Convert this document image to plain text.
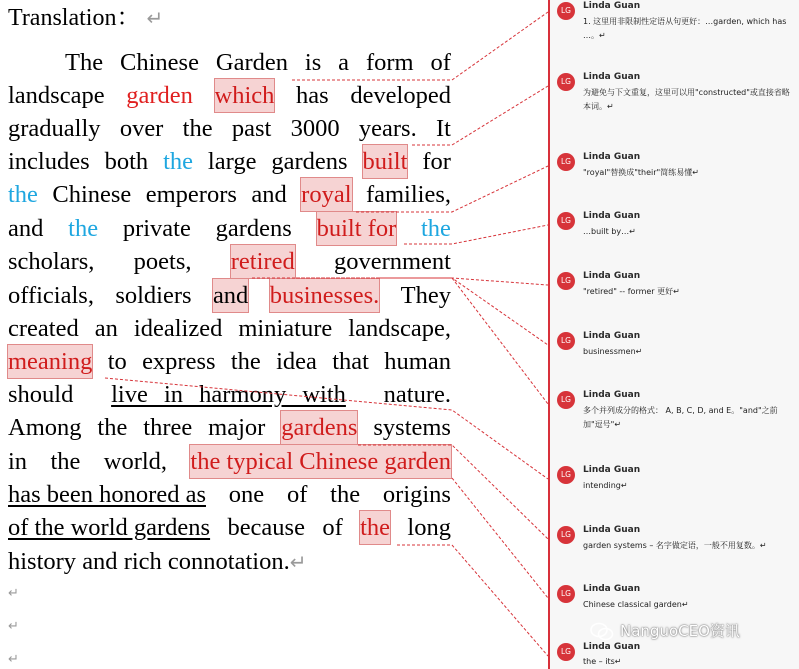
Translation： ↵
The Chinese Garden is a form of
landscape garden which has developed
gradually over the past 3000 years. It
includes both the large gardens built for
the Chinese emperors and royal families,
and the private gardens built for the
scholars, poets, retired government
officials, soldiers and businesses. They
created an idealized miniature landscape,
meaning to express the idea that human
should live in harmony with nature.
Among the three major gardens systems
in the world, the typical Chinese garden
has been honored as one of the origins
of the world gardens because of the long
history and rich connotation.↵
↵
↵
↵
LG	Linda Guan
1. 这里用非限制性定语从句更好：…garden, which has …。↵
LG	Linda Guan
为避免与下文重复，这里可以用"constructed"或直接省略本词。↵
LG	Linda Guan
"royal"替换成"their"简练易懂↵
LG	Linda Guan
…built by…↵
LG	Linda Guan
"retired" -- former 更好↵
LG	Linda Guan
businessmen↵
LG	Linda Guan
多个并列成分的格式： A, B, C, D, and E。"and"之前加"逗号"↵
LG	Linda Guan
intending↵
LG	Linda Guan
garden systems – 名字做定语，一般不用复数。↵
LG	Linda Guan
Chinese classical garden↵
LG	Linda Guan
the – its↵
NanguoCEO资讯
